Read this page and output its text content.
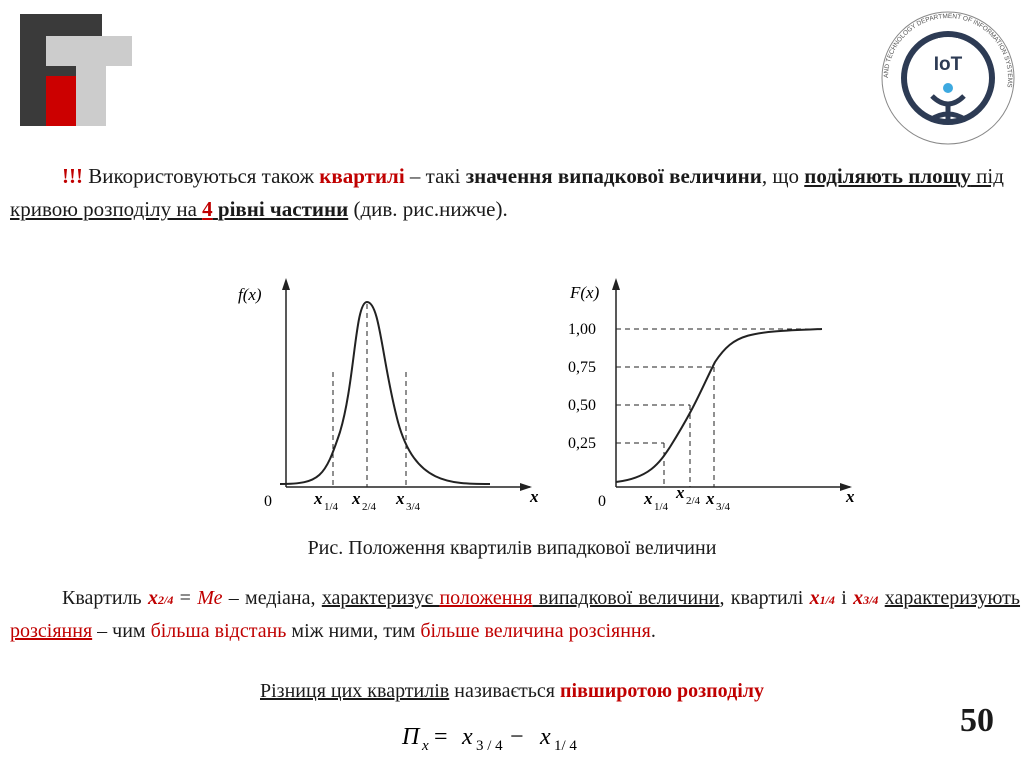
AND TECHNOLOGY DEPARTMENT OF INFORMATION SYSTEMS
IoT

!!! Використовуються також квартилі – такі значення випадкової величини, що поділяють площу під кривою розподілу на 4 рівні частини (див. рис.нижче).

f(x)
x
0 x 1/4 x 2/4 x 3/4
F(x)
x
0
1,00
0,75
0,50
0,25
x 1/4
x 2/4 x 3/4
Рис. Положення квартилів випадкової величини

Квартиль x2/4 = Ме – медіана, характеризує положення випадкової величини, квартилі x1/4 і x3/4 характеризують розсіяння – чим більша відстань між ними, тим більше величина розсіяння.

Різниця цих квартилів називається півширотою розподілу
П x = x 3 / 4 − x 1/ 4
50
